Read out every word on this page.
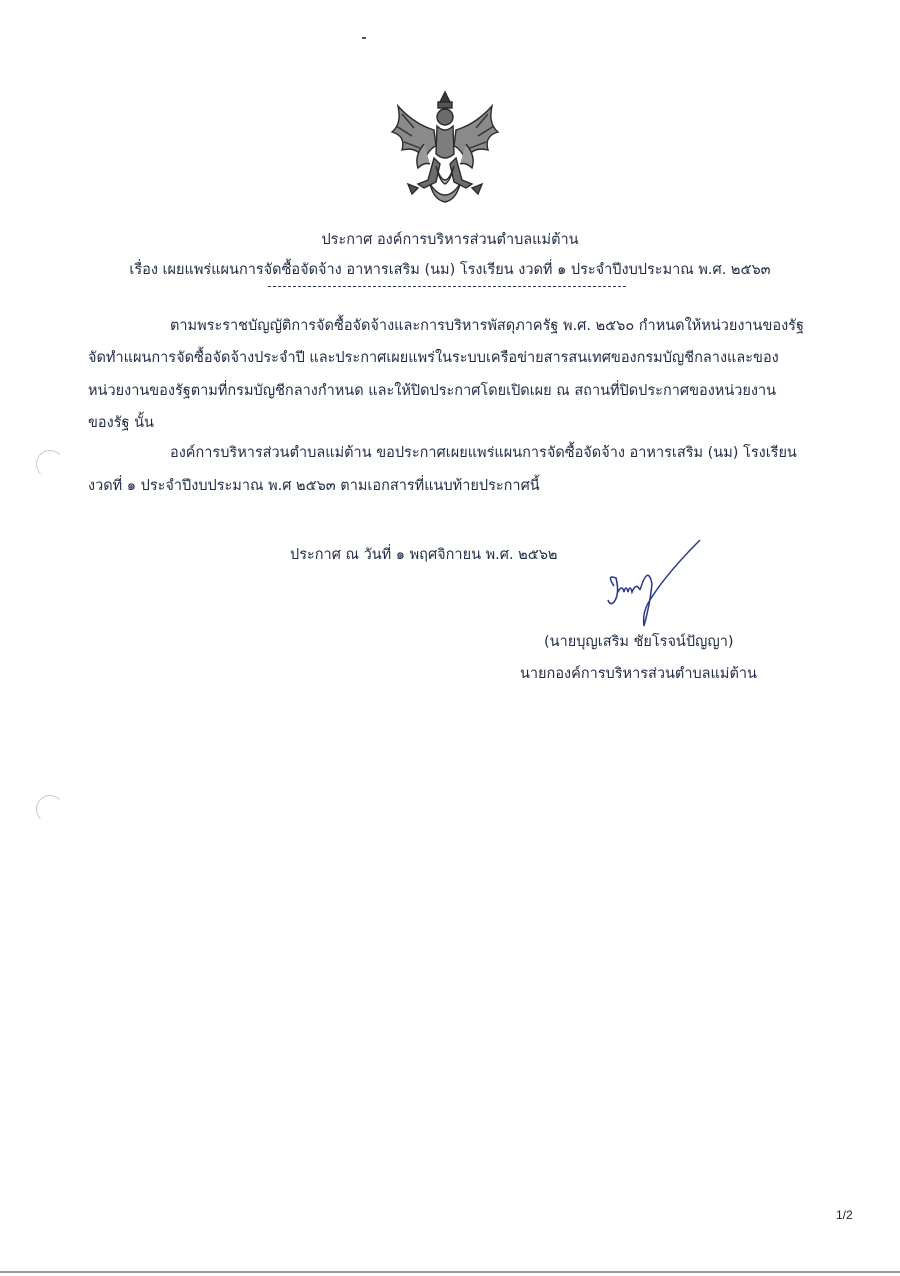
ประกาศ องค์การบริหารส่วนตำบลแม่ต้าน
เรื่อง เผยแพร่แผนการจัดซื้อจัดจ้าง อาหารเสริม (นม) โรงเรียน งวดที่ ๑ ประจำปีงบประมาณ พ.ศ. ๒๕๖๓
ตามพระราชบัญญัติการจัดซื้อจัดจ้างและการบริหารพัสดุภาครัฐ พ.ศ. ๒๕๖๐ กำหนดให้หน่วยงานของรัฐ
จัดทำแผนการจัดซื้อจัดจ้างประจำปี และประกาศเผยแพร่ในระบบเครือข่ายสารสนเทศของกรมบัญชีกลางและของ
หน่วยงานของรัฐตามที่กรมบัญชีกลางกำหนด และให้ปิดประกาศโดยเปิดเผย ณ สถานที่ปิดประกาศของหน่วยงาน
ของรัฐ นั้น
องค์การบริหารส่วนตำบลแม่ต้าน ขอประกาศเผยแพร่แผนการจัดซื้อจัดจ้าง อาหารเสริม (นม) โรงเรียน
งวดที่ ๑ ประจำปีงบประมาณ พ.ศ ๒๕๖๓ ตามเอกสารที่แนบท้ายประกาศนี้
ประกาศ ณ วันที่ ๑ พฤศจิกายน พ.ศ. ๒๕๖๒
(นายบุญเสริม ชัยโรจน์ปัญญา)
นายกองค์การบริหารส่วนตำบลแม่ต้าน
1/2
